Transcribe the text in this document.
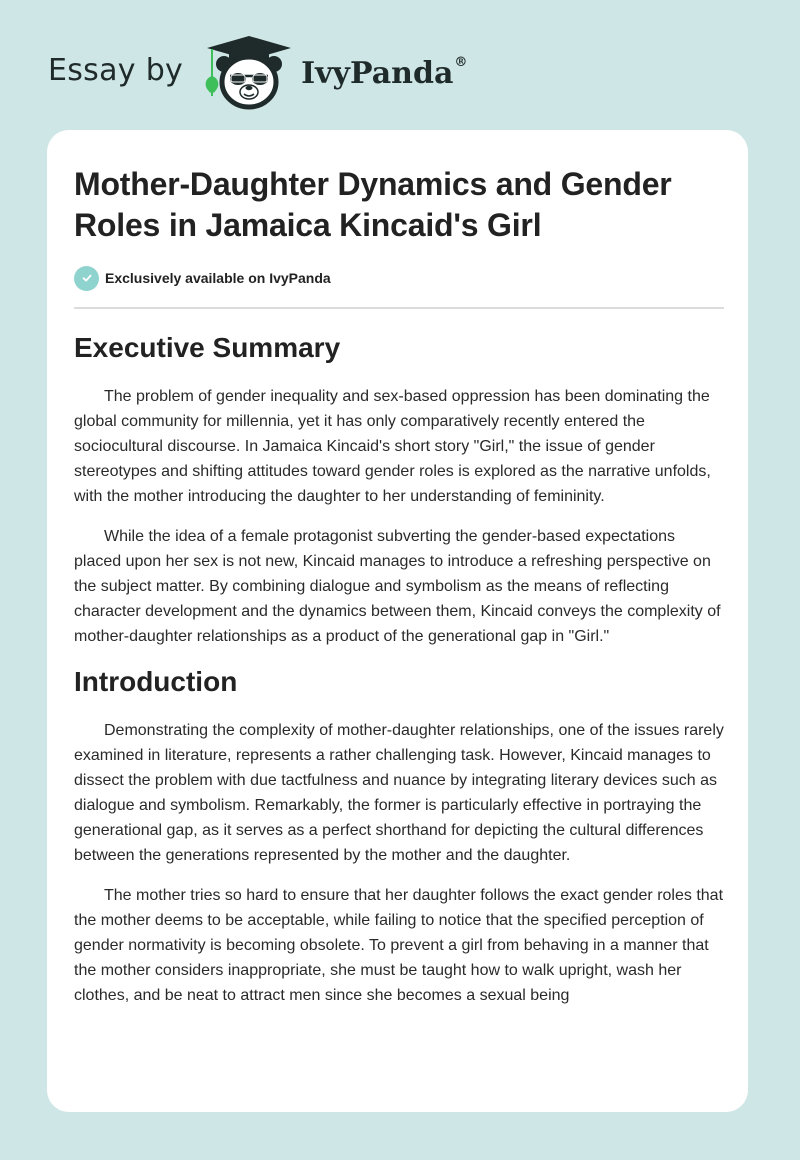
Essay by	IvyPanda®
Mother-Daughter Dynamics and Gender Roles in Jamaica Kincaid's Girl
Exclusively available on IvyPanda
Executive Summary

The problem of gender inequality and sex-based oppression has been dominating the global community for millennia, yet it has only comparatively recently entered the sociocultural discourse. In Jamaica Kincaid's short story "Girl," the issue of gender stereotypes and shifting attitudes toward gender roles is explored as the narrative unfolds, with the mother introducing the daughter to her understanding of femininity.

While the idea of a female protagonist subverting the gender-based expectations placed upon her sex is not new, Kincaid manages to introduce a refreshing perspective on the subject matter. By combining dialogue and symbolism as the means of reflecting character development and the dynamics between them, Kincaid conveys the complexity of mother-daughter relationships as a product of the generational gap in "Girl."

Introduction

Demonstrating the complexity of mother-daughter relationships, one of the issues rarely examined in literature, represents a rather challenging task. However, Kincaid manages to dissect the problem with due tactfulness and nuance by integrating literary devices such as dialogue and symbolism. Remarkably, the former is particularly effective in portraying the generational gap, as it serves as a perfect shorthand for depicting the cultural differences between the generations represented by the mother and the daughter.

The mother tries so hard to ensure that her daughter follows the exact gender roles that the mother deems to be acceptable, while failing to notice that the specified perception of gender normativity is becoming obsolete. To prevent a girl from behaving in a manner that the mother considers inappropriate, she must be taught how to walk upright, wash her clothes, and be neat to attract men since she becomes a sexual being
